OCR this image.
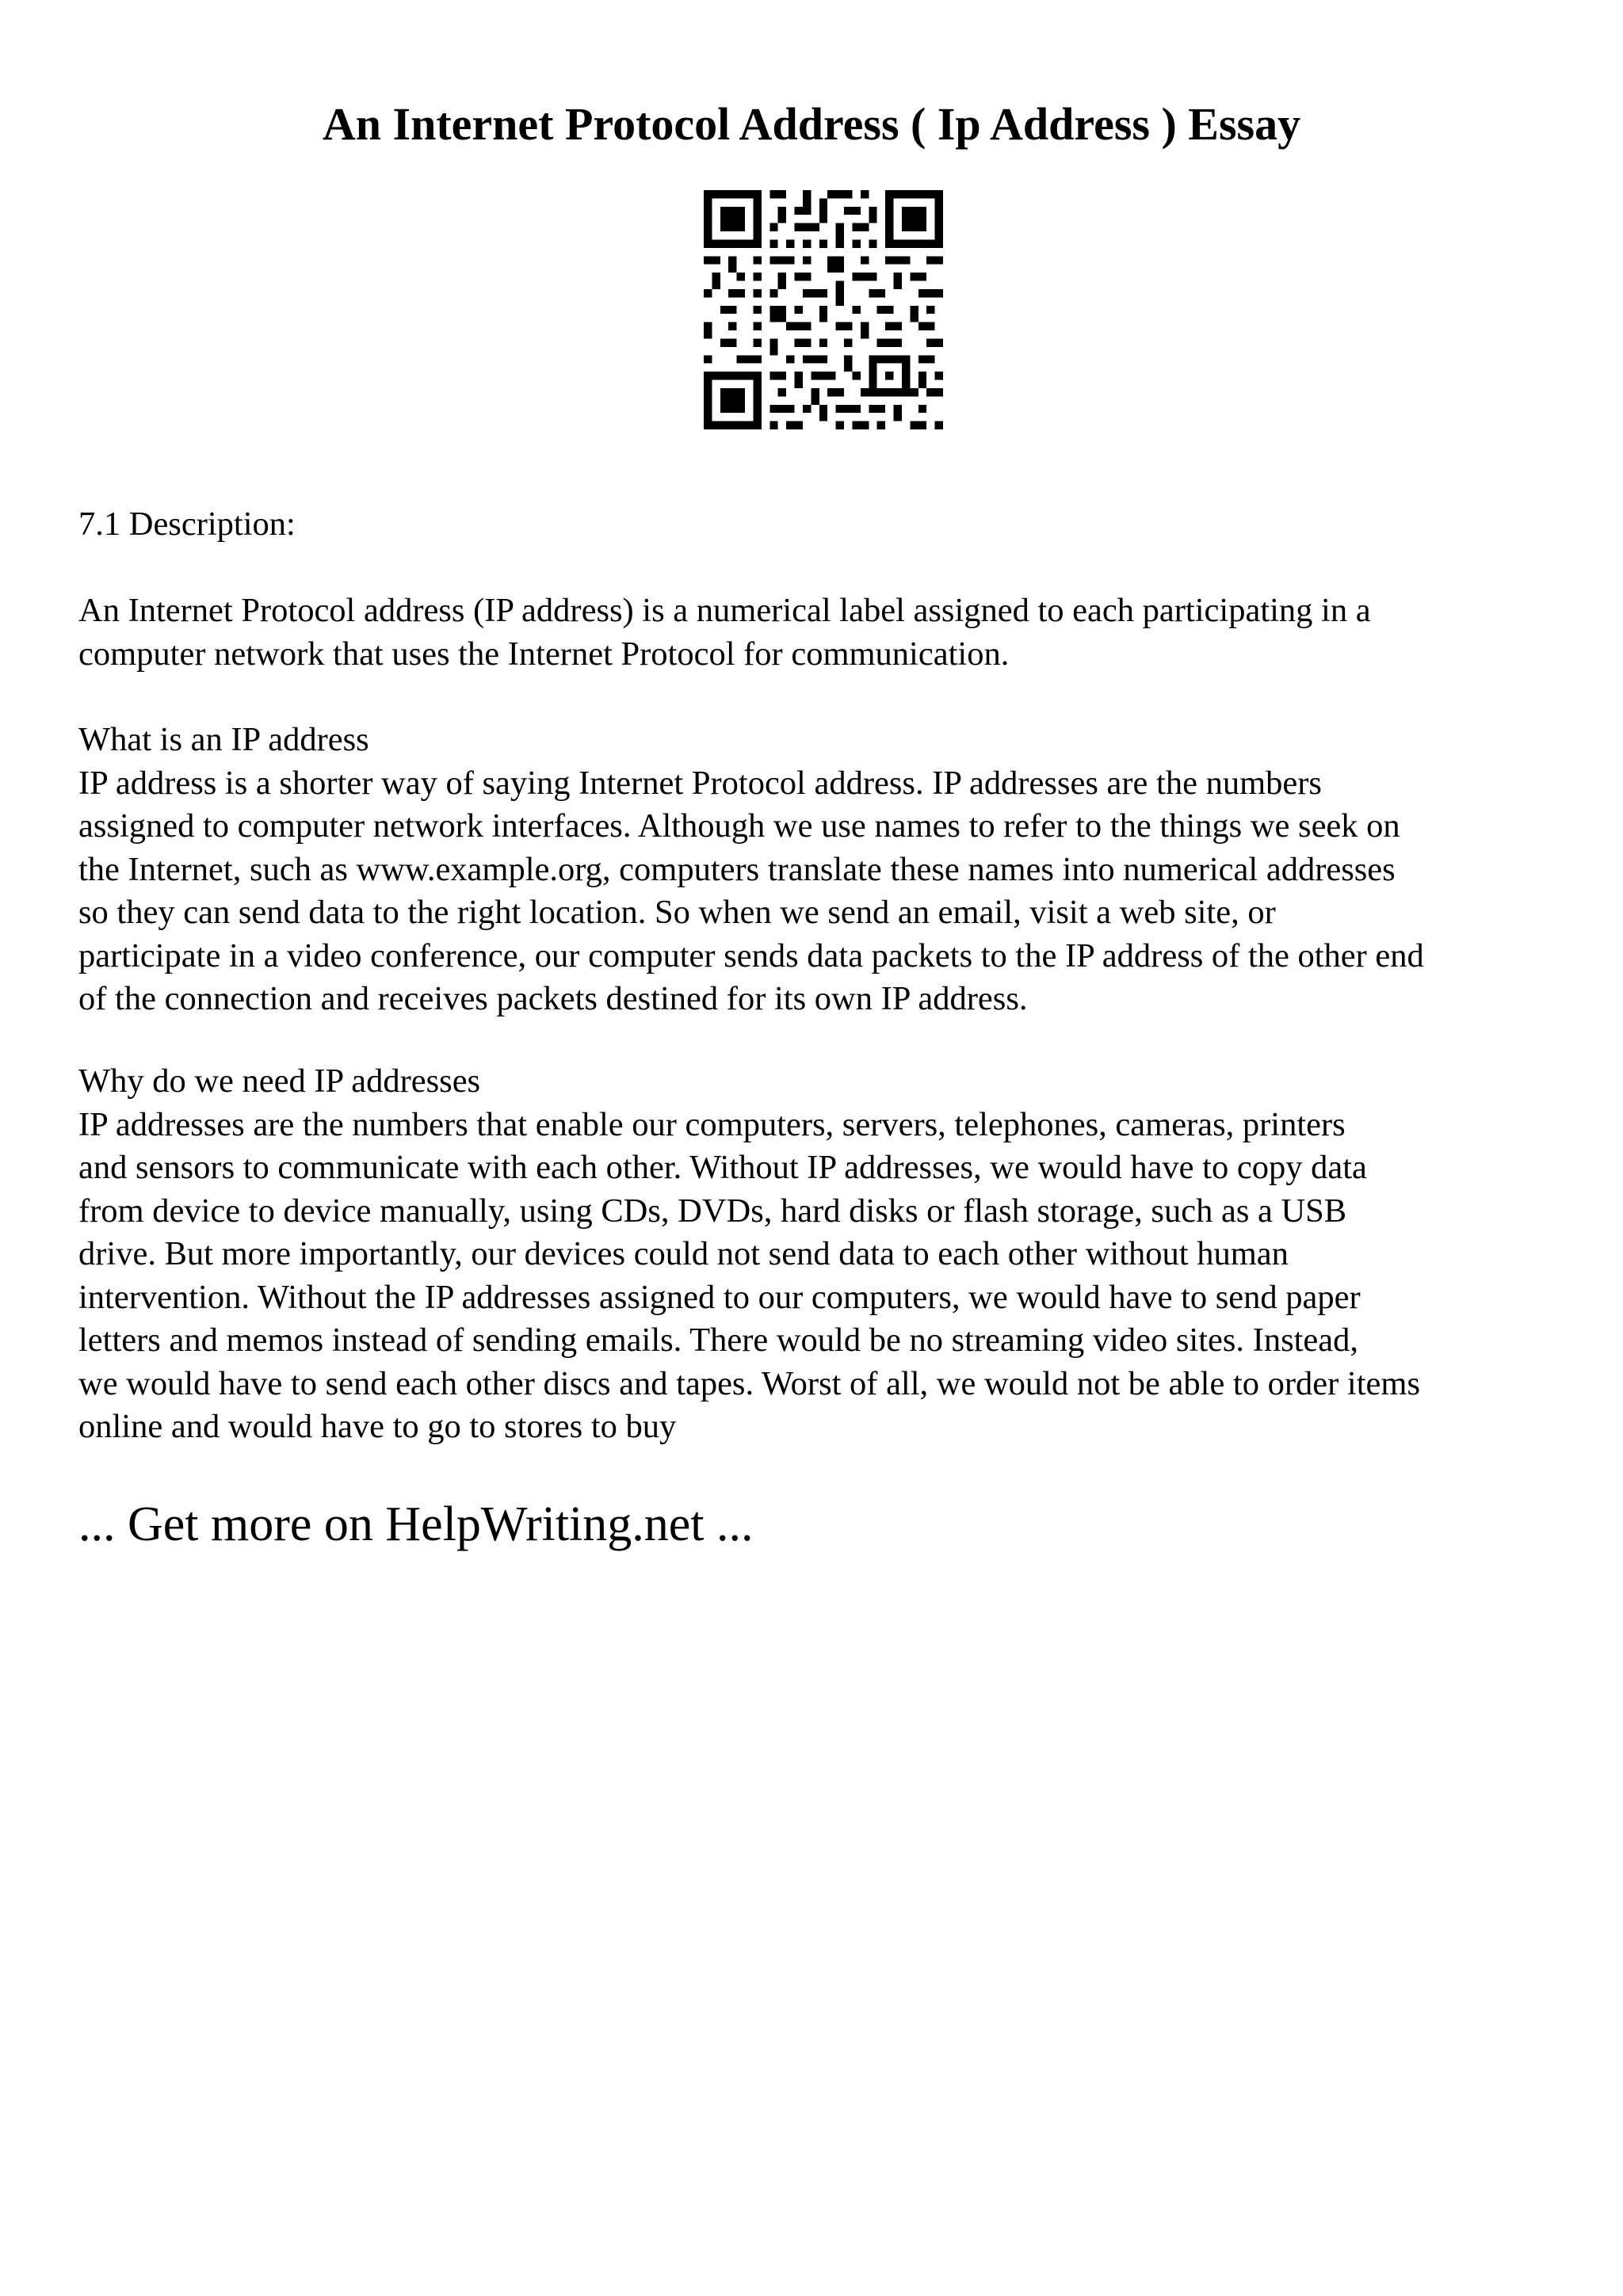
An Internet Protocol Address ( Ip Address ) Essay
7.1 Description:
An Internet Protocol address (IP address) is a numerical label assigned to each participating in a
computer network that uses the Internet Protocol for communication.
What is an IP address
IP address is a shorter way of saying Internet Protocol address. IP addresses are the numbers
assigned to computer network interfaces. Although we use names to refer to the things we seek on
the Internet, such as www.example.org, computers translate these names into numerical addresses
so they can send data to the right location. So when we send an email, visit a web site, or
participate in a video conference, our computer sends data packets to the IP address of the other end
of the connection and receives packets destined for its own IP address.
Why do we need IP addresses
IP addresses are the numbers that enable our computers, servers, telephones, cameras, printers
and sensors to communicate with each other. Without IP addresses, we would have to copy data
from device to device manually, using CDs, DVDs, hard disks or flash storage, such as a USB
drive. But more importantly, our devices could not send data to each other without human
intervention. Without the IP addresses assigned to our computers, we would have to send paper
letters and memos instead of sending emails. There would be no streaming video sites. Instead,
we would have to send each other discs and tapes. Worst of all, we would not be able to order items
online and would have to go to stores to buy

... Get more on HelpWriting.net ...
